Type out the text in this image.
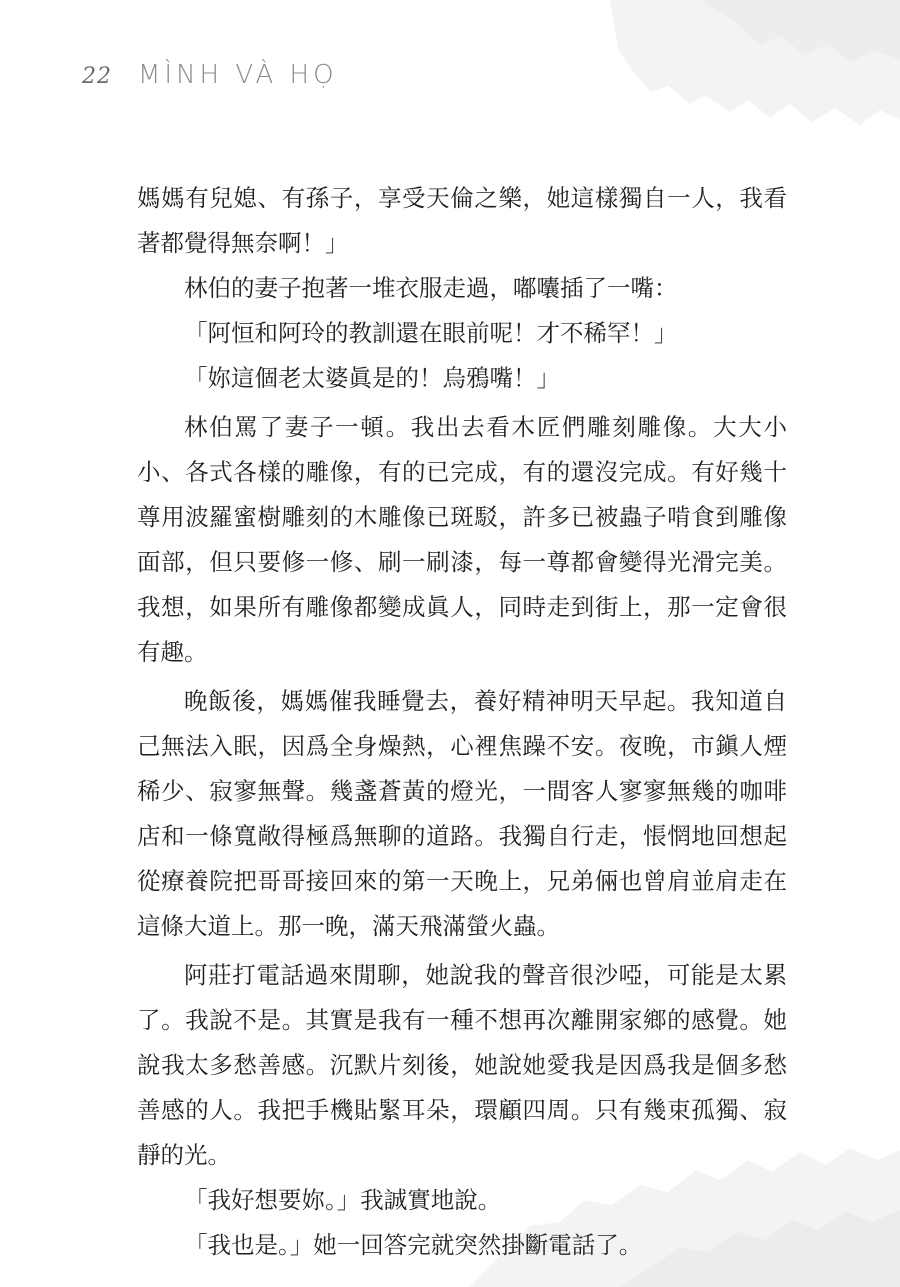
22 MÌNH VÀ HỌ

媽媽有兒媳、有孫子，享受天倫之樂，她這樣獨自一人，我看著都覺得無奈啊！」

林伯的妻子抱著一堆衣服走過，嘟囔插了一嘴：

「阿恒和阿玲的教訓還在眼前呢！才不稀罕！」

「妳這個老太婆眞是的！烏鴉嘴！」

林伯罵了妻子一頓。我出去看木匠們雕刻雕像。大大小小、各式各樣的雕像，有的已完成，有的還沒完成。有好幾十尊用波羅蜜樹雕刻的木雕像已斑駁，許多已被蟲子啃食到雕像面部，但只要修一修、刷一刷漆，每一尊都會變得光滑完美。我想，如果所有雕像都變成眞人，同時走到街上，那一定會很有趣。

晚飯後，媽媽催我睡覺去，養好精神明天早起。我知道自己無法入眠，因爲全身燥熱，心裡焦躁不安。夜晚，市鎭人煙稀少、寂寥無聲。幾盞蒼黃的燈光，一間客人寥寥無幾的咖啡店和一條寬敞得極爲無聊的道路。我獨自行走，悵惘地回想起從療養院把哥哥接回來的第一天晚上，兄弟倆也曾肩並肩走在這條大道上。那一晚，滿天飛滿螢火蟲。

阿莊打電話過來閒聊，她說我的聲音很沙啞，可能是太累了。我說不是。其實是我有一種不想再次離開家鄉的感覺。她說我太多愁善感。沉默片刻後，她說她愛我是因爲我是個多愁善感的人。我把手機貼緊耳朵，環顧四周。只有幾束孤獨、寂靜的光。

「我好想要妳。」我誠實地說。

「我也是。」她一回答完就突然掛斷電話了。
